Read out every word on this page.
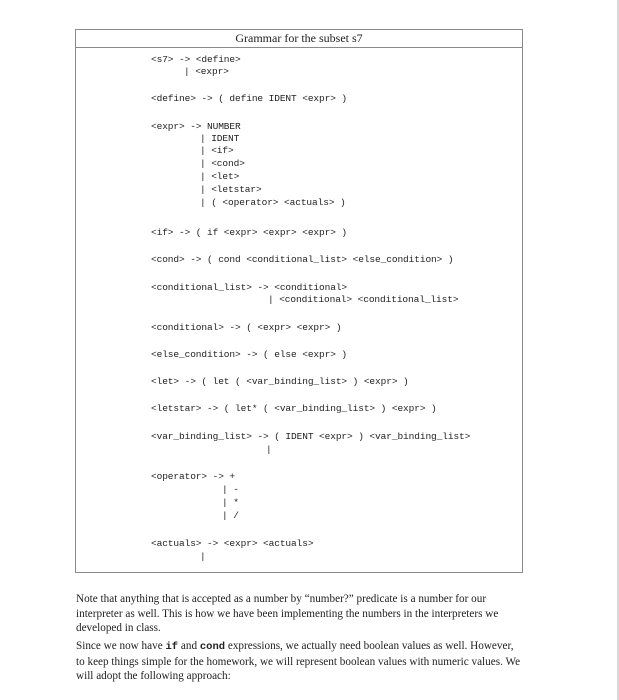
Grammar for the subset s7
<s7> -> <define>
| <expr>
<define> -> ( define IDENT <expr> )
<expr> -> NUMBER
| IDENT
| <if>
| <cond>
| <let>
| <letstar>
| ( <operator> <actuals> )
<if> -> ( if <expr> <expr> <expr> )
<cond> -> ( cond <conditional_list> <else_condition> )
<conditional_list> -> <conditional>
| <conditional> <conditional_list>
<conditional> -> ( <expr> <expr> )
<else_condition> -> ( else <expr> )
<let> -> ( let ( <var_binding_list> ) <expr> )
<letstar> -> ( let* ( <var_binding_list> ) <expr> )
<var_binding_list> -> ( IDENT <expr> ) <var_binding_list>
|
<operator> -> +
| -
| *
| /
<actuals> -> <expr> <actuals>
|

Note that anything that is accepted as a number by “number?” predicate is a number for our interpreter as well. This is how we have been implementing the numbers in the interpreters we developed in class.

Since we now have if and cond expressions, we actually need boolean values as well. However, to keep things simple for the homework, we will represent boolean values with numeric values. We will adopt the following approach:
